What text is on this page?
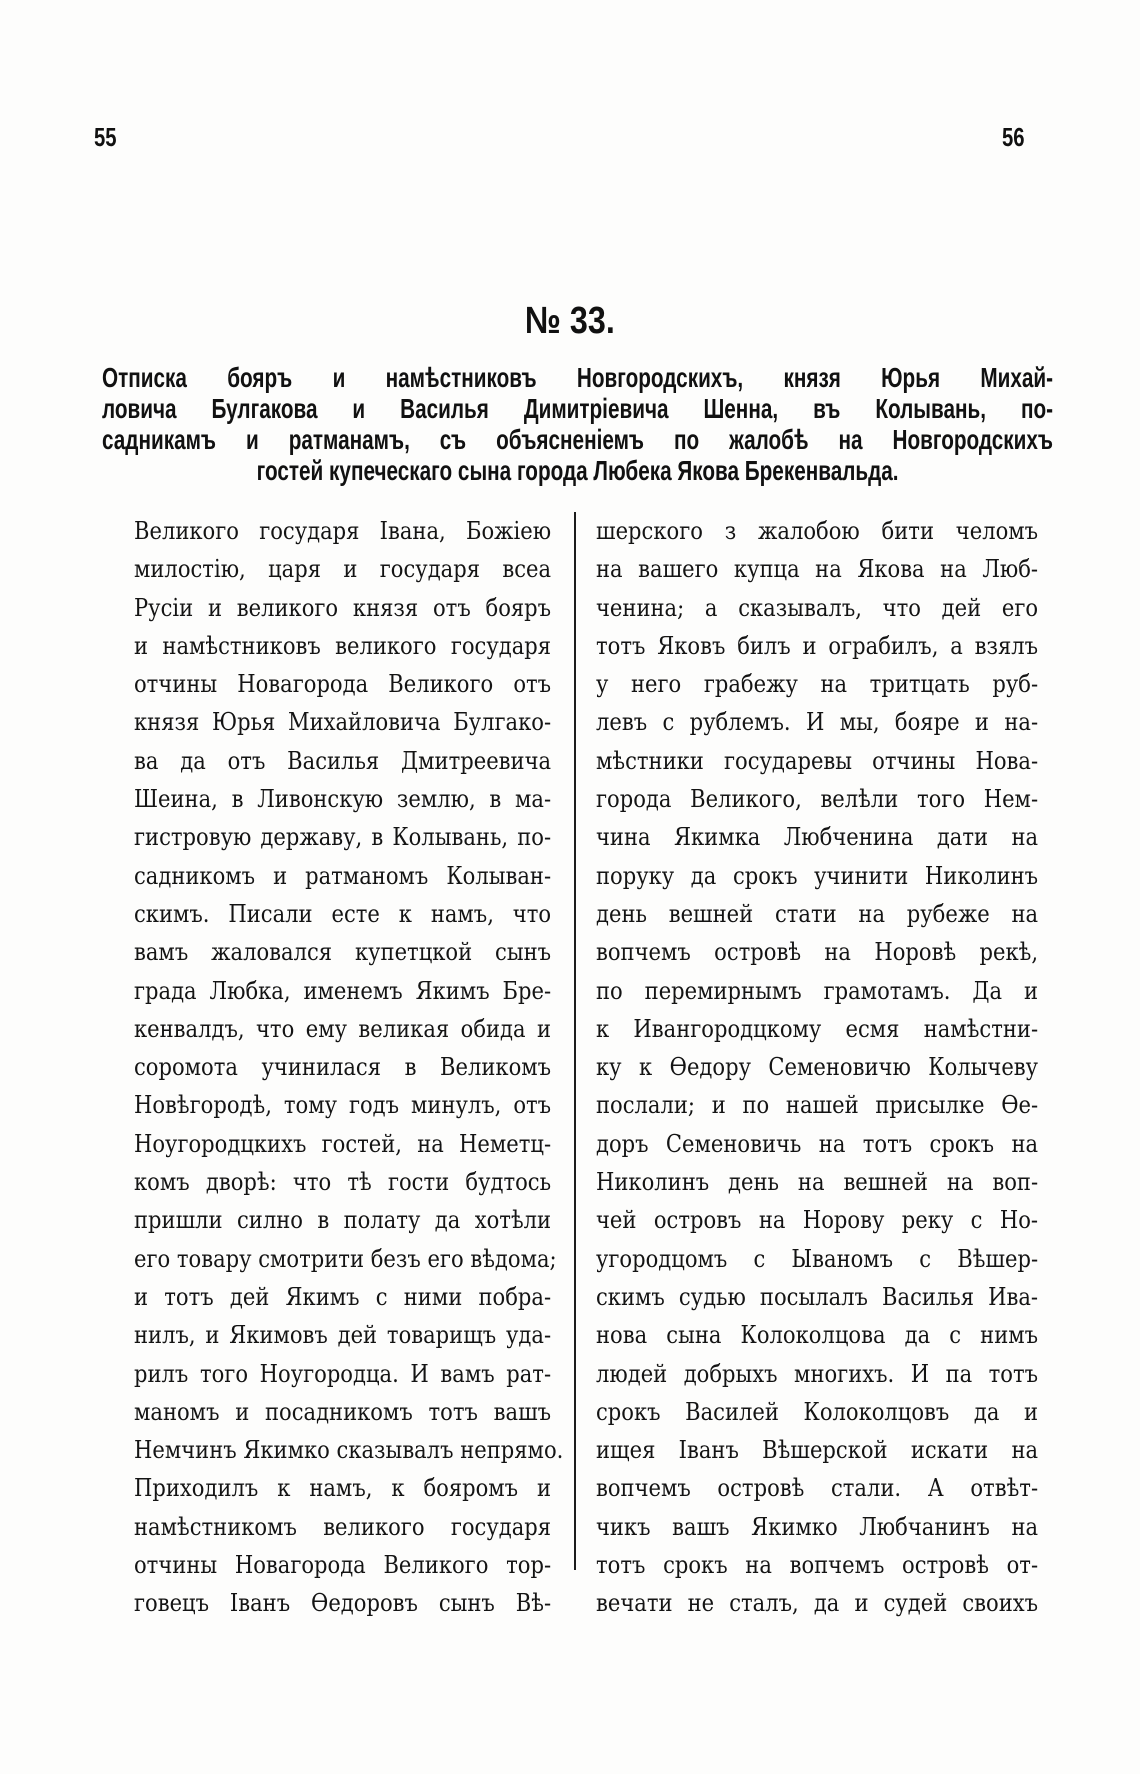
55	56
№ 33.
Отписка бояръ и намѣстниковъ Новгородскихъ, князя Юрья Михай-
ловича Булгакова и Василья Димитріевича Шенна, въ Колывань, по-
садникамъ и ратманамъ, съ объясненіемъ по жалобѣ на Новгородскихъ
гостей купеческаго сына города Любека Якова Брекенвальда.
Великого государя Івана, Божіею
милостію, царя и государя всеа
Русіи и великого князя отъ бояръ
и намѣстниковъ великого государя
отчины Новагорода Великого отъ
князя Юрья Михайловича Булгако-
ва да отъ Василья Дмитреевича
Шеина, в Ливонскую землю, в ма-
гистровую державу, в Колывань, по-
садникомъ и ратманомъ Колыван-
скимъ. Писали есте к намъ, что
вамъ жаловался купетцкой сынъ
града Любка, именемъ Якимъ Бре-
кенвалдъ, что ему великая обида и
соромота учинилася в Великомъ
Новѣгородѣ, тому годъ минулъ, отъ
Ноугородцкихъ гостей, на Неметц-
комъ дворѣ: что тѣ гости будтось
пришли силно в полату да хотѣли
его товару смотрити безъ его вѣдома;
и тотъ дей Якимъ с ними побра-
нилъ, и Якимовъ дей товарищъ уда-
рилъ того Ноугородца. И вамъ рат-
маномъ и посадникомъ тотъ вашъ
Немчинъ Якимко сказывалъ непрямо.
Приходилъ к намъ, к бояромъ и
намѣстникомъ великого государя
отчины Новагорода Великого тор-
говецъ Іванъ Өедоровъ сынъ Вѣ-
шерского з жалобою бити челомъ
на вашего купца на Якова на Люб-
ченина; а сказывалъ, что дей его
тотъ Яковъ билъ и ограбилъ, а взялъ
у него грабежу на тритцать руб-
левъ с рублемъ. И мы, бояре и на-
мѣстники государевы отчины Нова-
города Великого, велѣли того Нем-
чина Якимка Любченина дати на
поруку да срокъ учинити Николинъ
день вешней стати на рубеже на
вопчемъ островѣ на Норовѣ рекѣ,
по перемирнымъ грамотамъ. Да и
к Ивангородцкому есмя намѣстни-
ку к Өедору Семеновичю Колычеву
послали; и по нашей присылке Өе-
доръ Семеновичь на тотъ срокъ на
Николинъ день на вешней на воп-
чей островъ на Норову реку с Но-
угородцомъ с Ываномъ с Вѣшер-
скимъ судью посылалъ Василья Ива-
нова сына Колоколцова да с нимъ
людей добрыхъ многихъ. И па тотъ
срокъ Василей Колоколцовъ да и
ищея Іванъ Вѣшерской искати на
вопчемъ островѣ стали. А отвѣт-
чикъ вашъ Якимко Любчанинъ на
тотъ срокъ на вопчемъ островѣ от-
вечати не сталъ, да и судей своихъ
